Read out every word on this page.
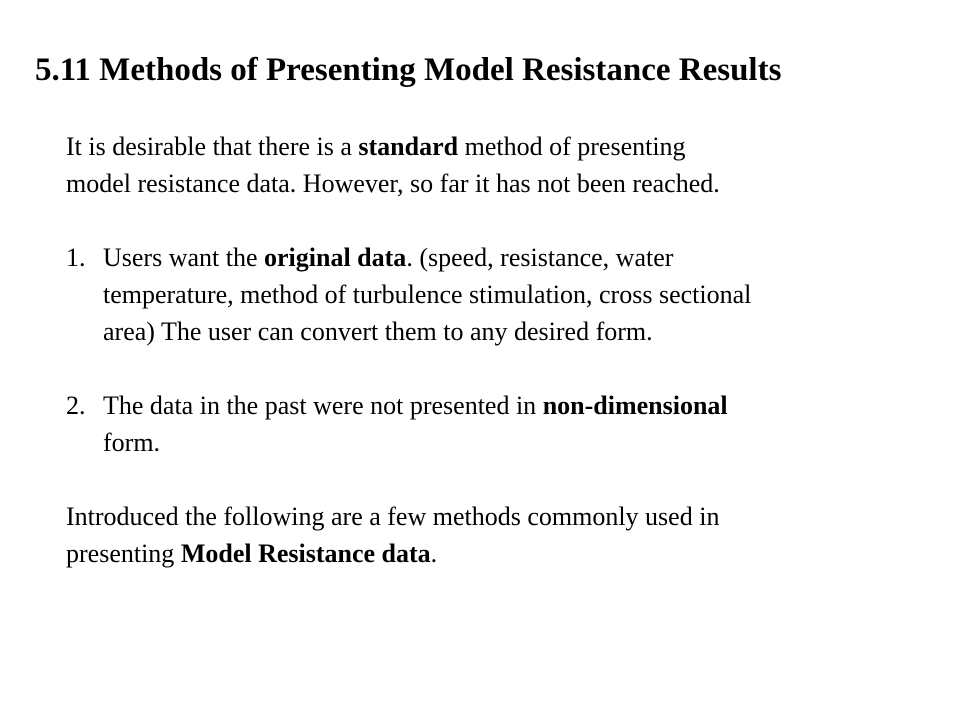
5.11 Methods of Presenting Model Resistance Results

It is desirable that there is a standard method of presenting
model resistance data. However, so far it has not been reached.

1. Users want the original data. (speed, resistance, water
temperature, method of turbulence stimulation, cross sectional
area) The user can convert them to any desired form.
2. The data in the past were not presented in non-dimensional
form.

Introduced the following are a few methods commonly used in
presenting Model Resistance data.
